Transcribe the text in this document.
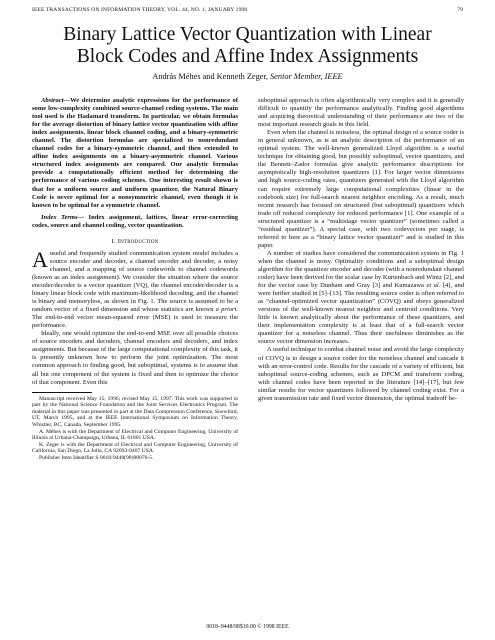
IEEE TRANSACTIONS ON INFORMATION THEORY, VOL. 44, NO. 1, JANUARY 1998	79
Binary Lattice Vector Quantization with Linear
Block Codes and Affine Index Assignments
András Méhes and Kenneth Zeger, Senior Member, IEEE

Abstract—We determine analytic expressions for the performance of some low-complexity combined source-channel coding systems. The main tool used is the Hadamard transform. In particular, we obtain formulas for the average distortion of binary lattice vector quantization with affine index assignments, linear block channel coding, and a binary-symmetric channel. The distortion formulas are specialized to nonredundant channel codes for a binary-symmetric channel, and then extended to affine index assignments on a binary-asymmetric channel. Various structured index assignments are compared. Our analytic formulas provide a computationally efficient method for determining the performance of various coding schemes. One interesting result shown is that for a uniform source and uniform quantizer, the Natural Binary Code is never optimal for a nonsymmetric channel, even though it is known to be optimal for a symmetric channel.

Index Terms— Index assignment, lattices, linear error-correcting codes, source and channel coding, vector quantization.

I. Introduction

Auseful and frequently studied communication system model includes a source encoder and decoder, a channel encoder and decoder, a noisy channel, and a mapping of source codewords to channel codewords (known as an index assignment). We consider the situation where the source encoder/decoder is a vector quantizer (VQ), the channel encoder/decoder is a binary linear block code with maximum-likelihood decoding, and the channel is binary and memoryless, as shown in Fig. 1. The source is assumed to be a random vector of a fixed dimension and whose statistics are known a priori. The end-to-end vector mean-squared error (MSE) is used to measure the performance.

Ideally, one would optimize the end-to-end MSE over all possible choices of source encoders and decoders, channel encoders and decoders, and index assignments. But because of the large computational complexity of this task, it is presently unknown how to perform the joint optimization. The most common approach to finding good, but suboptimal, systems is to assume that all but one component of the system is fixed and then to optimize the choice of that component. Even this

Manuscript received May 15, 1996; revised May 15, 1997. This work was supported in part by the National Science Foundation and the Joint Services Electronics Program. The material in this paper was presented in part at the Data Compression Conference, Snowbird, UT, March 1995, and at the IEEE International Symposium on Information Theory, Whistler, BC, Canada, September 1995.

A. Méhes is with the Department of Electrical and Computer Engineering, University of Illinois at Urbana-Champaign, Urbana, IL 61801 USA.

K. Zeger is with the Department of Electrical and Computer Engineering, University of California, San Diego, La Jolla, CA 92093-0407 USA.

Publisher Item Identifier S 0018-9448(98)00076-5.

suboptimal approach is often algorithmically very complex and it is generally difficult to quantify the performance analytically. Finding good algorithms and acquiring theoretical understanding of their performance are two of the most important research goals in this field.

Even when the channel is noiseless, the optimal design of a source coder is in general unknown, as is an analytic description of the performance of an optimal system. The well-known generalized Lloyd algorithm is a useful technique for obtaining good, but possibly suboptimal, vector quantizers, and the Bennett–Zador formulas give analytic performance descriptions for asymptotically high-resolution quantizers [1]. For larger vector dimensions and high source-coding rates, quantizers generated with the Lloyd algorithm can require extremely large computational complexities (linear in the codebook size) for full-search nearest neighbor encoding. As a result, much recent research has focused on structured (but suboptimal) quantizers which trade off reduced complexity for reduced performance [1]. One example of a structured quantizer is a “multistage vector quantizer” (sometimes called a “residual quantizer”). A special case, with two codevectors per stage, is referred to here as a “binary lattice vector quantizer” and is studied in this paper.

A number of studies have considered the communication system in Fig. 1 when the channel is noisy. Optimality conditions and a suboptimal design algorithm for the quantizer encoder and decoder (with a nonredundant channel coder) have been derived for the scalar case by Kurtenbach and Wintz [2], and for the vector case by Dunham and Gray [3] and Kumazawa et al. [4], and were further studied in [5]–[13]. The resulting source coder is often referred to as “channel-optimized vector quantization” (COVQ) and obeys generalized versions of the well-known nearest neighbor and centroid conditions. Very little is known analytically about the performance of these quantizers, and their implementation complexity is at least that of a full-search vector quantizer for a noiseless channel. Thus their usefulness diminishes as the source vector dimension increases.

A useful technique to combat channel noise and avoid the large complexity of COVQ is to design a source coder for the noiseless channel and cascade it with an error-control code. Results for the cascade of a variety of efficient, but suboptimal source-coding schemes, such as DPCM and transform coding, with channel codes have been reported in the literature [14]–[17], but few similar results for vector quantizers followed by channel coding exist. For a given transmission rate and fixed vector dimension, the optimal tradeoff be-

0018–9448/98$10.00 © 1998 IEEE
